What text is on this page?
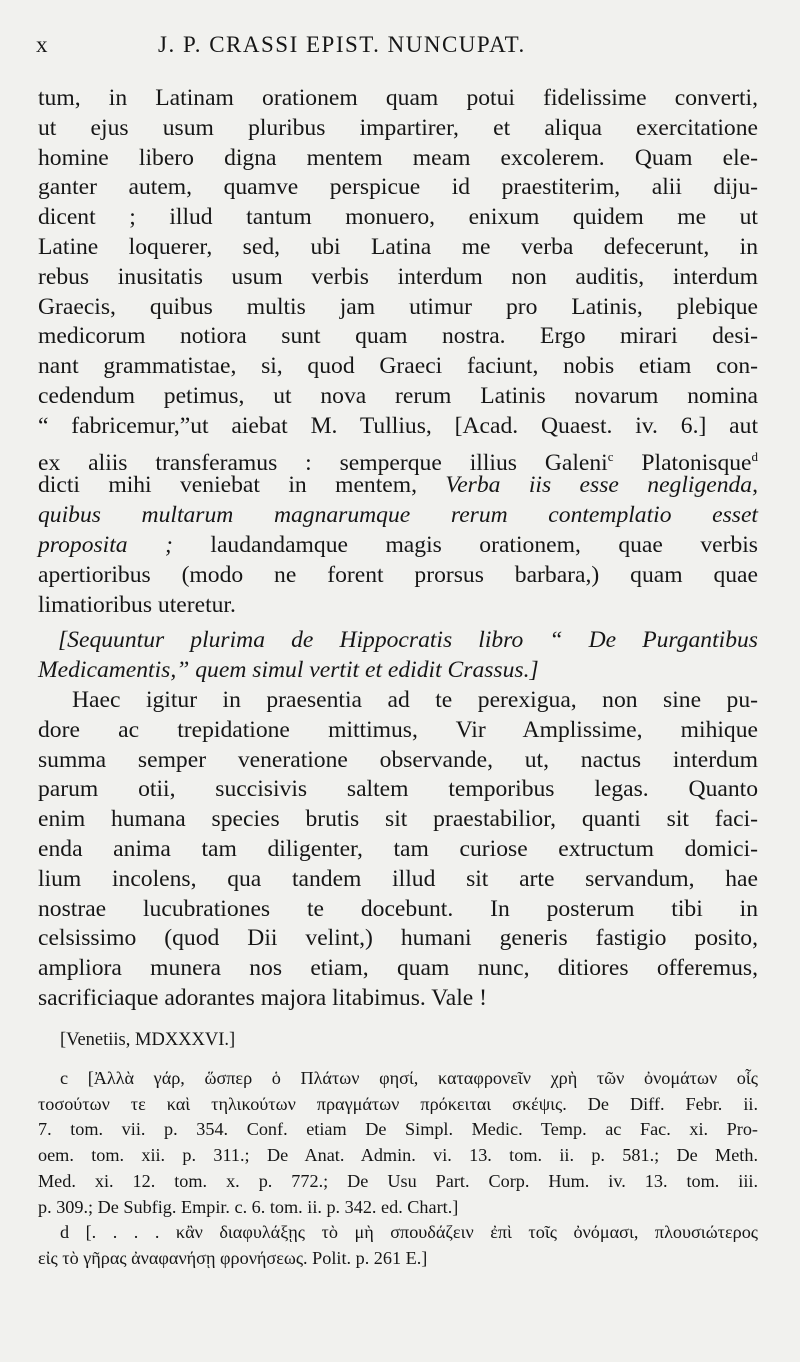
x	J. P. CRASSI EPIST. NUNCUPAT.
tum, in Latinam orationem quam potui fidelissime converti,
ut ejus usum pluribus impartirer, et aliqua exercitatione
homine libero digna mentem meam excolerem. Quam ele-
ganter autem, quamve perspicue id praestiterim, alii diju-
dicent ; illud tantum monuero, enixum quidem me ut
Latine loquerer, sed, ubi Latina me verba defecerunt, in
rebus inusitatis usum verbis interdum non auditis, interdum
Graecis, quibus multis jam utimur pro Latinis, plebique
medicorum notiora sunt quam nostra. Ergo mirari desi-
nant grammatistae, si, quod Graeci faciunt, nobis etiam con-
cedendum petimus, ut nova rerum Latinis novarum nomina
“ fabricemur,”ut aiebat M. Tullius, [Acad. Quaest. iv. 6.] aut
ex aliis transferamus : semperque illius Galeni$^c$ Platonisque$^d$
dicti mihi veniebat in mentem, Verba iis esse negligenda,
quibus multarum magnarumque rerum contemplatio esset
proposita ; laudandamque magis orationem, quae verbis
apertioribus (modo ne forent prorsus barbara,) quam quae
limatioribus uteretur.
[Sequuntur plurima de Hippocratis libro “ De Purgantibus
Medicamentis,” quem simul vertit et edidit Crassus.]
Haec igitur in praesentia ad te perexigua, non sine pu-
dore ac trepidatione mittimus, Vir Amplissime, mihique
summa semper veneratione observande, ut, nactus interdum
parum otii, succisivis saltem temporibus legas. Quanto
enim humana species brutis sit praestabilior, quanti sit faci-
enda anima tam diligenter, tam curiose extructum domici-
lium incolens, qua tandem illud sit arte servandum, hae
nostrae lucubrationes te docebunt. In posterum tibi in
celsissimo (quod Dii velint,) humani generis fastigio posito,
ampliora munera nos etiam, quam nunc, ditiores offeremus,
sacrificiaque adorantes majora litabimus. Vale !
[Venetiis, MDXXXVI.]
c [Ἀλλὰ γάρ, ὥσπερ ὁ Πλάτων φησί, καταφρονεῖν χρὴ τῶν ὀνομάτων οἷς
τοσούτων τε καὶ τηλικούτων πραγμάτων πρόκειται σκέψις. De Diff. Febr. ii.
7. tom. vii. p. 354. Conf. etiam De Simpl. Medic. Temp. ac Fac. xi. Pro-
oem. tom. xii. p. 311.; De Anat. Admin. vi. 13. tom. ii. p. 581.; De Meth.
Med. xi. 12. tom. x. p. 772.; De Usu Part. Corp. Hum. iv. 13. tom. iii.
p. 309.; De Subfig. Empir. c. 6. tom. ii. p. 342. ed. Chart.]
d [. . . . κἂν διαφυλάξῃς τὸ μὴ σπουδάζειν ἐπὶ τοῖς ὀνόμασι, πλουσιώτερος
εἰς τὸ γῆρας ἀναφανήσῃ φρονήσεως. Polit. p. 261 E.]
